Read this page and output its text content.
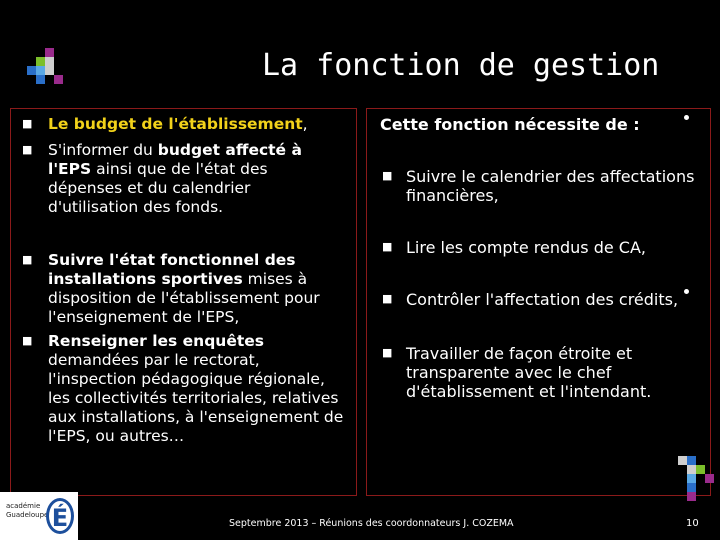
La fonction de gestion
■ Le budget de l'établissement,
■ S'informer du budget affecté à l'EPS ainsi que de l'état des dépenses et du calendrier d'utilisation des fonds.
■ Suivre l'état fonctionnel des installations sportives mises à disposition de l'établissement pour l'enseignement de l'EPS,
■ Renseigner les enquêtes demandées par le rectorat, l'inspection pédagogique régionale, les collectivités territoriales, relatives aux installations, à l'enseignement de l'EPS, ou autres…
Cette fonction nécessite de :
■ Suivre le calendrier des affectations financières,
■ Lire les compte rendus de CA,
■ Contrôler l'affectation des crédits,
■ Travailler de façon étroite et transparente avec le chef d'établissement et l'intendant.
académie
Guadeloupe É	Septembre 2013 – Réunions des coordonnateurs J. COZEMA	10
